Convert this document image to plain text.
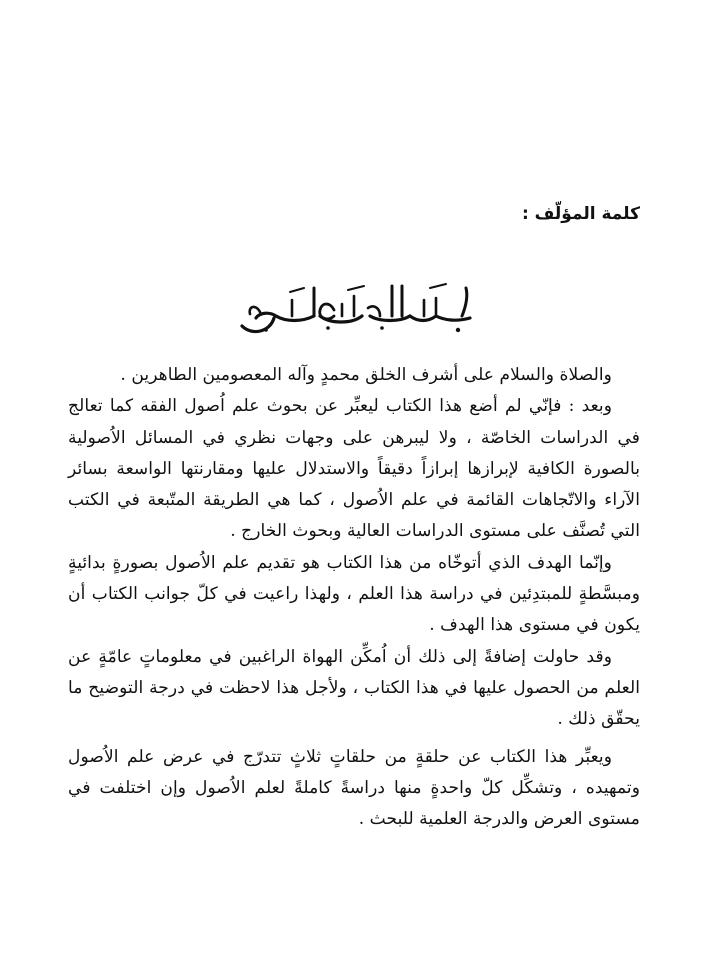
كلمة المؤلّف :

والصلاة والسلام على أشرف الخلق محمدٍ وآله المعصومين الطاهرين .

وبعد : فإنّي لم أضع هذا الكتاب ليعبِّر عن بحوث علم اُصول الفقه كما تعالج في الدراسات الخاصّة ، ولا ليبرهن على وجهات نظري في المسائل الاُصولية بالصورة الكافية لإبرازها إبرازاً دقيقاً والاستدلال عليها ومقارنتها الواسعة بسائر الآراء والاتّجاهات القائمة في علم الاُصول ، كما هي الطريقة المتّبعة في الكتب التي تُصنَّف على مستوى الدراسات العالية وبحوث الخارج .

وإنّما الهدف الذي أتوخّاه من هذا الكتاب هو تقديم علم الاُصول بصورةٍ بدائيةٍ ومبسَّطةٍ للمبتدِئين في دراسة هذا العلم ، ولهذا راعيت في كلّ جوانب الكتاب أن يكون في مستوى هذا الهدف .

وقد حاولت إضافةً إلى ذلك أن اُمكِّن الهواة الراغبين في معلوماتٍ عامّةٍ عن العلم من الحصول عليها في هذا الكتاب ، ولأجل هذا لاحظت في درجة التوضيح ما يحقّق ذلك .

ويعبِّر هذا الكتاب عن حلقةٍ من حلقاتٍ ثلاثٍ تتدرّج في عرض علم الاُصول وتمهيده ، وتشكِّل كلّ واحدةٍ منها دراسةً كاملةً لعلم الاُصول وإن اختلفت في مستوى العرض والدرجة العلمية للبحث .
